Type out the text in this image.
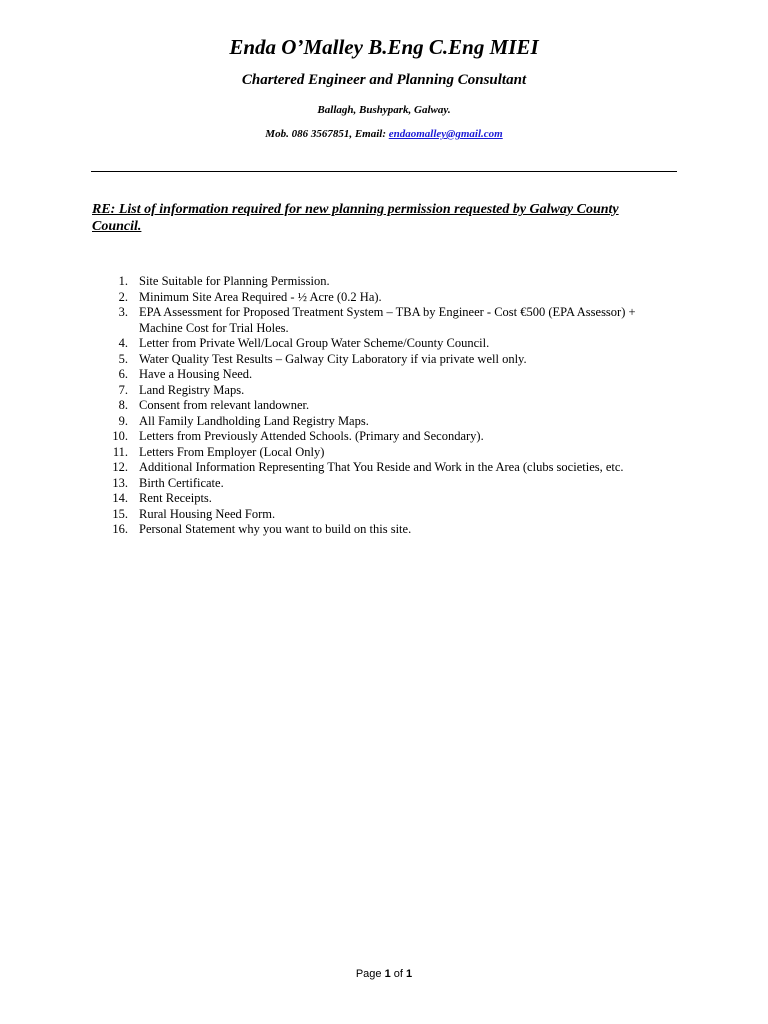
Enda O’Malley B.Eng C.Eng MIEI
Chartered Engineer and Planning Consultant
Ballagh, Bushypark, Galway.
Mob. 086 3567851, Email: endaomalley@gmail.com
RE: List of information required for new planning permission requested by Galway County Council.
1. Site Suitable for Planning Permission.
2. Minimum Site Area Required - ½ Acre (0.2 Ha).
3. EPA Assessment for Proposed Treatment System – TBA by Engineer - Cost €500 (EPA Assessor) + Machine Cost for Trial Holes.
4. Letter from Private Well/Local Group Water Scheme/County Council.
5. Water Quality Test Results – Galway City Laboratory if via private well only.
6. Have a Housing Need.
7. Land Registry Maps.
8. Consent from relevant landowner.
9. All Family Landholding Land Registry Maps.
10. Letters from Previously Attended Schools. (Primary and Secondary).
11. Letters From Employer (Local Only)
12. Additional Information Representing That You Reside and Work in the Area (clubs societies, etc.
13. Birth Certificate.
14. Rent Receipts.
15. Rural Housing Need Form.
16. Personal Statement why you want to build on this site.
Page 1 of 1
